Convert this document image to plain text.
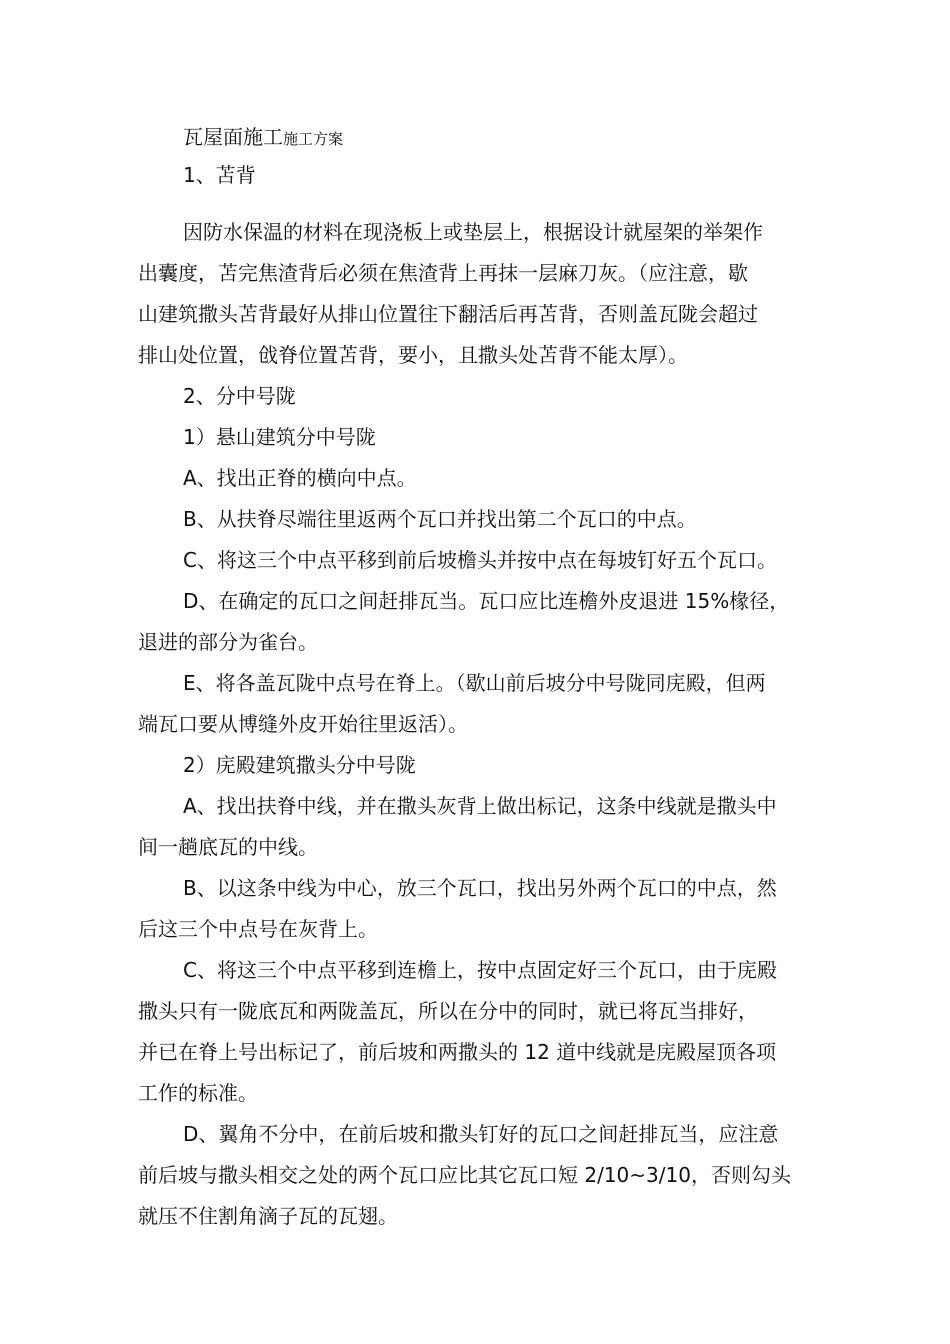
瓦屋面施工施工方案
1、苫背
因防水保温的材料在现浇板上或垫层上，根据设计就屋架的举架作
出囊度，苫完焦渣背后必须在焦渣背上再抹一层麻刀灰。（应注意，歇
山建筑撒头苫背最好从排山位置往下翻活后再苫背，否则盖瓦陇会超过
排山处位置，戗脊位置苫背，要小，且撒头处苫背不能太厚）。
2、分中号陇
1）悬山建筑分中号陇
A、找出正脊的横向中点。
B、从扶脊尽端往里返两个瓦口并找出第二个瓦口的中点。
C、将这三个中点平移到前后坡檐头并按中点在每坡钉好五个瓦口。
D、在确定的瓦口之间赶排瓦当。瓦口应比连檐外皮退进 15%椽径，
退进的部分为雀台。
E、将各盖瓦陇中点号在脊上。（歇山前后坡分中号陇同庑殿，但两
端瓦口要从博缝外皮开始往里返活）。
2）庑殿建筑撒头分中号陇
A、找出扶脊中线，并在撒头灰背上做出标记，这条中线就是撒头中
间一趟底瓦的中线。
B、以这条中线为中心，放三个瓦口，找出另外两个瓦口的中点，然
后这三个中点号在灰背上。
C、将这三个中点平移到连檐上，按中点固定好三个瓦口，由于庑殿
撒头只有一陇底瓦和两陇盖瓦，所以在分中的同时，就已将瓦当排好，
并已在脊上号出标记了，前后坡和两撒头的 12 道中线就是庑殿屋顶各项
工作的标准。
D、翼角不分中，在前后坡和撒头钉好的瓦口之间赶排瓦当，应注意
前后坡与撒头相交之处的两个瓦口应比其它瓦口短 2/10~3/10，否则勾头
就压不住割角滴子瓦的瓦翅。
